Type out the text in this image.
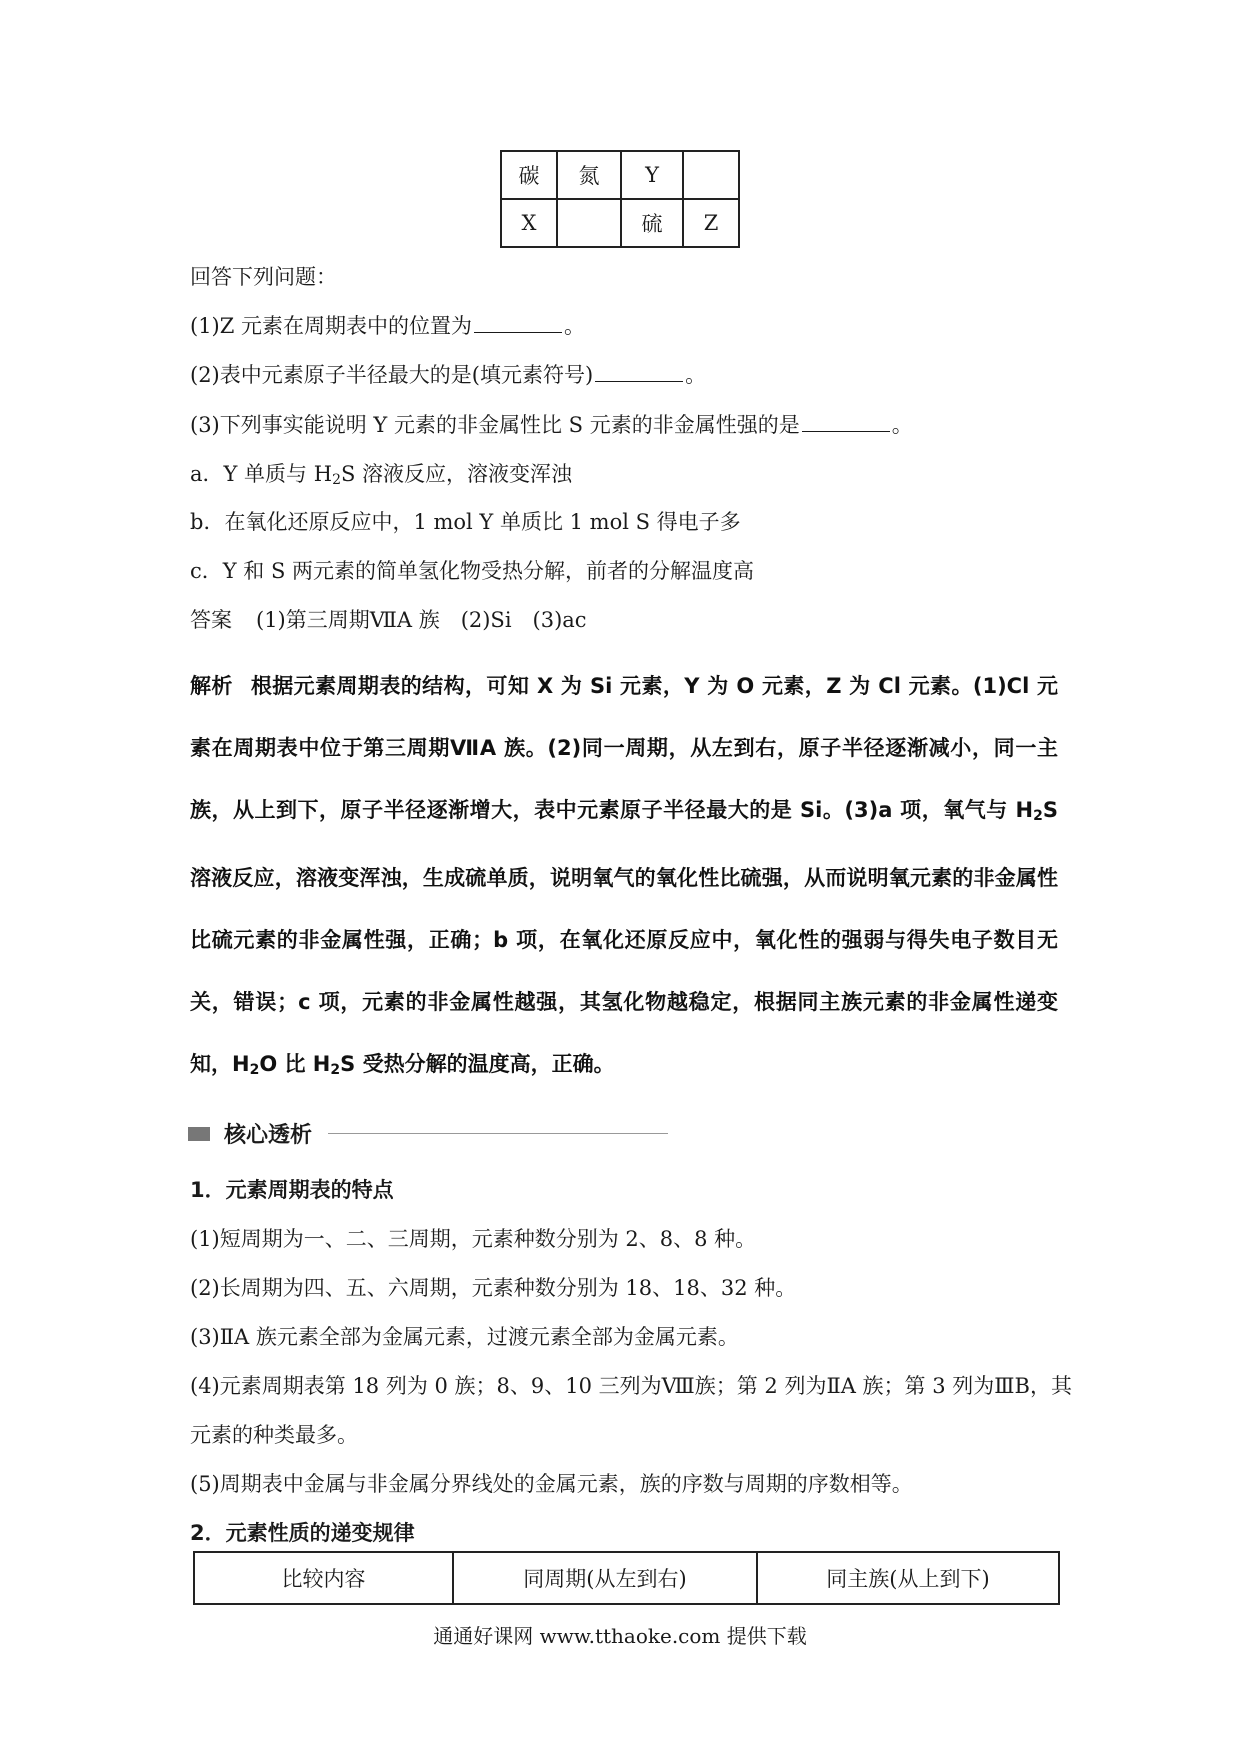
碳	氮	Y	
X		硫	Z
回答下列问题：
(1)Z 元素在周期表中的位置为	。
(2)表中元素原子半径最大的是(填元素符号)	。
(3)下列事实能说明 Y 元素的非金属性比 S 元素的非金属性强的是	。
a．Y 单质与 $H_2S$ 溶液反应，溶液变浑浊
b．在氧化还原反应中，1 mol Y 单质比 1 mol S 得电子多
c．Y 和 S 两元素的简单氢化物受热分解，前者的分解温度高
答案 (1)第三周期ⅦA 族　(2)Si　(3)ac
解析 根据元素周期表的结构，可知 X 为 Si 元素，Y 为 O 元素，Z 为 Cl 元素。(1)Cl 元素在周期表中位于第三周期ⅦA 族。(2)同一周期，从左到右，原子半径逐渐减小，同一主族，从上到下，原子半径逐渐增大，表中元素原子半径最大的是 Si。(3)a 项，氧气与 $H_2S$ 溶液反应，溶液变浑浊，生成硫单质，说明氧气的氧化性比硫强，从而说明氧元素的非金属性比硫元素的非金属性强，正确；b 项，在氧化还原反应中，氧化性的强弱与得失电子数目无关，错误；c 项，元素的非金属性越强，其氢化物越稳定，根据同主族元素的非金属性递变知，$H_2O$ 比 $H_2S$ 受热分解的温度高，正确。
核心透析
1．元素周期表的特点
(1)短周期为一、二、三周期，元素种数分别为 2、8、8 种。
(2)长周期为四、五、六周期，元素种数分别为 18、18、32 种。
(3)ⅡA 族元素全部为金属元素，过渡元素全部为金属元素。
(4)元素周期表第 18 列为 0 族；8、9、10 三列为Ⅷ族；第 2 列为ⅡA 族；第 3 列为ⅢB，其
元素的种类最多。
(5)周期表中金属与非金属分界线处的金属元素，族的序数与周期的序数相等。
2．元素性质的递变规律
比较内容	同周期(从左到右)	同主族(从上到下)
通通好课网 www.tthaoke.com 提供下载
